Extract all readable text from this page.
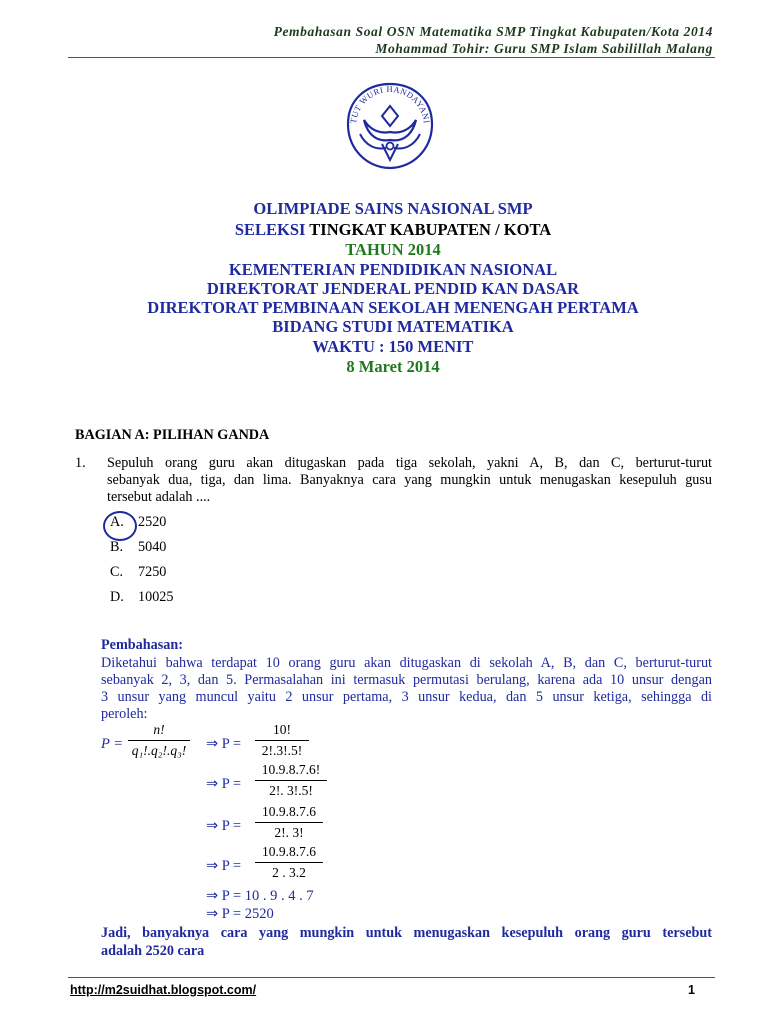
Pembahasan Soal OSN Matematika SMP Tingkat Kabupaten/Kota 2014
Mohammad Tohir: Guru SMP Islam Sabilillah Malang
TUT WURI HANDAYANI
OLIMPIADE SAINS NASIONAL SMP
SELEKSI TINGKAT KABUPATEN / KOTA
TAHUN 2014
KEMENTERIAN PENDIDIKAN NASIONAL
DIREKTORAT JENDERAL PENDID KAN DASAR
DIREKTORAT PEMBINAAN SEKOLAH MENENGAH PERTAMA
BIDANG STUDI MATEMATIKA
WAKTU : 150 MENIT
8 Maret 2014
BAGIAN A: PILIHAN GANDA
1. Sepuluh orang guru akan ditugaskan pada tiga sekolah, yakni A, B, dan C, berturut-turut
sebanyak dua, tiga, dan lima. Banyaknya cara yang mungkin untuk menugaskan kesepuluh gusu
tersebut adalah ....
A. 2520
B. 5040
C. 7250
D. 10025
Pembahasan:
Diketahui bahwa terdapat 10 orang guru akan ditugaskan di sekolah A, B, dan C, berturut-turut
sebanyak 2, 3, dan 5. Permasalahan ini termasuk permutasi berulang, karena ada 10 unsur dengan
3 unsur yang muncul yaitu 2 unsur pertama, 3 unsur kedua, dan 5 unsur ketiga, sehingga di
peroleh:
P =
n!
q₁!.q₂!.q₃! ⇒ P =
10!
2!.3!.5!
⇒ P =
10.9.8.7.6!
2!. 3!.5!
⇒ P =
10.9.8.7.6
2!. 3!
⇒ P =
10.9.8.7.6
2 . 3.2
⇒ P = 10 . 9 . 4 . 7
⇒ P = 2520
Jadi, banyaknya cara yang mungkin untuk menugaskan kesepuluh orang guru tersebut
adalah 2520 cara
http://m2suidhat.blogspot.com/	1
